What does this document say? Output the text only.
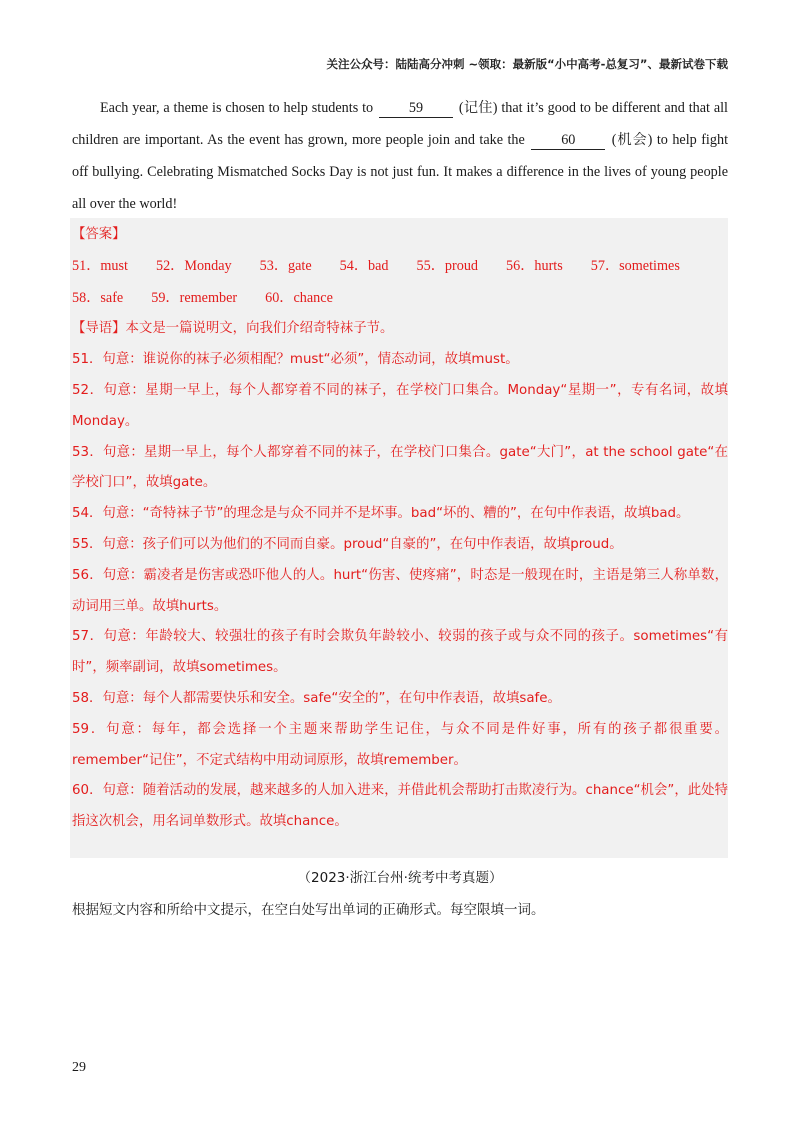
关注公众号：陆陆高分冲刺 ~领取：最新版“小中高考-总复习”、最新试卷下载

Each year, a theme is chosen to help students to	59	(记住) that it’s good to be different and that all children are important. As the event has grown, more people join and take the	60	(机会) to help fight off bullying. Celebrating Mismatched Socks Day is not just fun. It makes a difference in the lives of young people all over the world!

【答案】
51．must 52．Monday 53．gate 54．bad 55．proud 56．hurts 57．sometimes
58．safe 59．remember 60．chance
【导语】本文是一篇说明文，向我们介绍奇特袜子节。
51．句意：谁说你的袜子必须相配？must“必须”，情态动词，故填must。
52．句意：星期一早上，每个人都穿着不同的袜子，在学校门口集合。Monday“星期一”，专有名词，故填Monday。
53．句意：星期一早上，每个人都穿着不同的袜子，在学校门口集合。gate“大门”，at the school gate“在学校门口”，故填gate。
54．句意：“奇特袜子节”的理念是与众不同并不是坏事。bad“坏的、糟的”，在句中作表语，故填bad。
55．句意：孩子们可以为他们的不同而自豪。proud“自豪的”，在句中作表语，故填proud。
56．句意：霸凌者是伤害或恐吓他人的人。hurt“伤害、使疼痛”，时态是一般现在时，主语是第三人称单数，动词用三单。故填hurts。
57．句意：年龄较大、较强壮的孩子有时会欺负年龄较小、较弱的孩子或与众不同的孩子。sometimes“有时”，频率副词，故填sometimes。
58．句意：每个人都需要快乐和安全。safe“安全的”，在句中作表语，故填safe。
59．句意：每年，都会选择一个主题来帮助学生记住，与众不同是件好事，所有的孩子都很重要。remember“记住”，不定式结构中用动词原形，故填remember。
60．句意：随着活动的发展，越来越多的人加入进来，并借此机会帮助打击欺凌行为。chance“机会”，此处特指这次机会，用名词单数形式。故填chance。
（2023·浙江台州·统考中考真题）
根据短文内容和所给中文提示，在空白处写出单词的正确形式。每空限填一词。
29
